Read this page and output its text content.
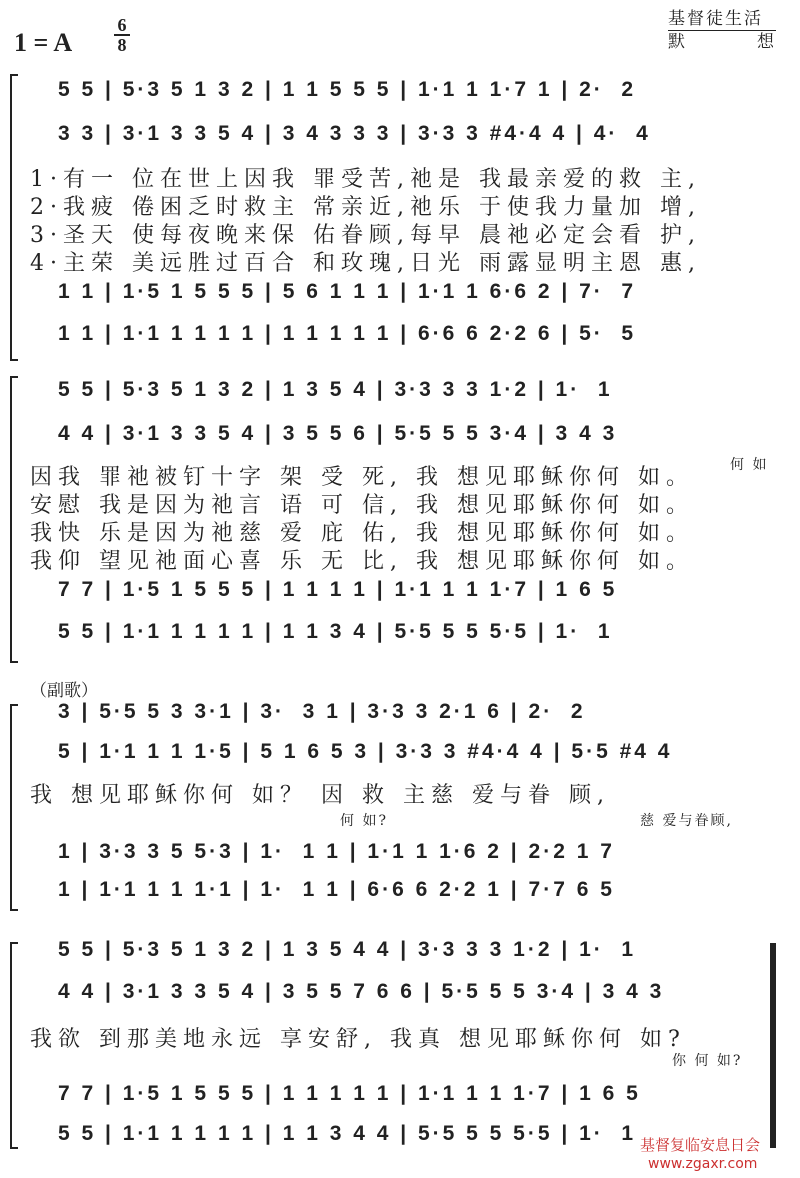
1 = A
6
8
基督徒生活
默	想
5 5 | 5·3 5 1 3 2 | 1 1 5 5 5 | 1·1 1 1·7 1 | 2·  2
3 3 | 3·1 3 3 5 4 | 3 4 3 3 3 | 3·3 3 #4·4 4 | 4·  4
1·有一 位在世上因我 罪受苦,祂是 我最亲爱的救 主,
2·我疲 倦困乏时救主 常亲近,祂乐 于使我力量加 增,
3·圣天 使每夜晚来保 佑眷顾,每早 晨祂必定会看 护,
4·主荣 美远胜过百合 和玫瑰,日光 雨露显明主恩 惠,
1 1 | 1·5 1 5 5 5 | 5 6 1 1 1 | 1·1 1 6·6 2 | 7·  7
1 1 | 1·1 1 1 1 1 | 1 1 1 1 1 | 6·6 6 2·2 6 | 5·  5
5 5 | 5·3 5 1 3 2 | 1 3 5 4 | 3·3 3 3 1·2 | 1·  1
4 4 | 3·1 3 3 5 4 | 3 5 5 6 | 5·5 5 5 3·4 | 3 4 3
因我 罪祂被钉十字 架 受 死, 我 想见耶稣你何 如。
安慰 我是因为祂言 语 可 信, 我 想见耶稣你何 如。
我快 乐是因为祂慈 爱 庇 佑, 我 想见耶稣你何 如。
我仰 望见祂面心喜 乐 无 比, 我 想见耶稣你何 如。
何 如
7 7 | 1·5 1 5 5 5 | 1 1 1 1 | 1·1 1 1 1·7 | 1 6 5
5 5 | 1·1 1 1 1 1 | 1 1 3 4 | 5·5 5 5 5·5 | 1·  1
（副歌）
3 | 5·5 5 3 3·1 | 3·  3 1 | 3·3 3 2·1 6 | 2·  2
5 | 1·1 1 1 1·5 | 5 1 6 5 3 | 3·3 3 #4·4 4 | 5·5 #4 4
我 想见耶稣你何 如？ 因 救 主慈 爱与眷 顾,
何 如?	慈 爱与眷顾,
1 | 3·3 3 5 5·3 | 1·  1 1 | 1·1 1 1·6 2 | 2·2 1 7
1 | 1·1 1 1 1·1 | 1·  1 1 | 6·6 6 2·2 1 | 7·7 6 5
5 5 | 5·3 5 1 3 2 | 1 3 5 4 4 | 3·3 3 3 1·2 | 1·  1
4 4 | 3·1 3 3 5 4 | 3 5 5 7 6 6 | 5·5 5 5 3·4 | 3 4 3
我欲 到那美地永远 享安舒, 我真 想见耶稣你何 如?
你 何 如?
7 7 | 1·5 1 5 5 5 | 1 1 1 1 1 | 1·1 1 1 1·7 | 1 6 5
5 5 | 1·1 1 1 1 1 | 1 1 3 4 4 | 5·5 5 5 5·5 | 1·  1 基督复临安息日会
www.zgaxr.com
